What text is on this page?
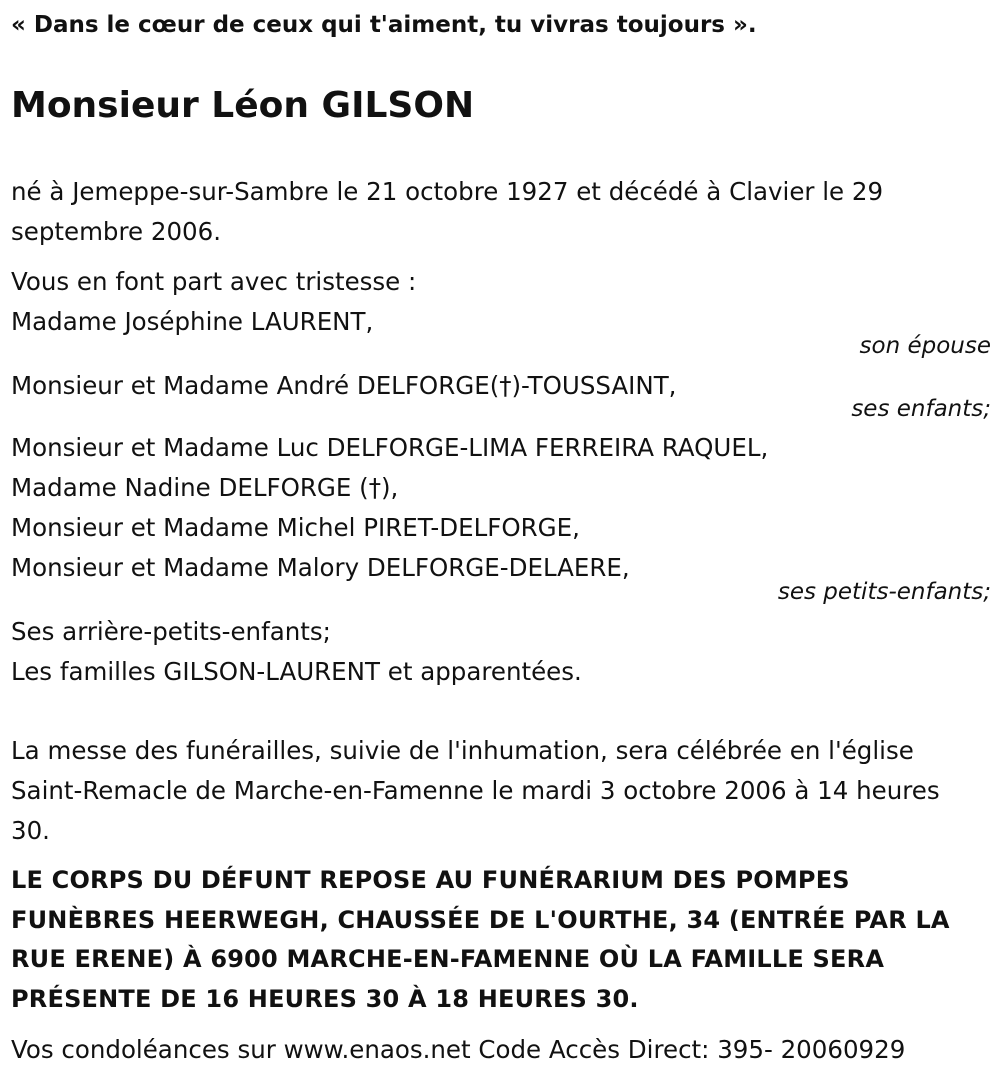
« Dans le cœur de ceux qui t'aiment, tu vivras toujours ».
Monsieur Léon GILSON
né à Jemeppe-sur-Sambre le 21 octobre 1927 et décédé à Clavier le 29 septembre 2006.
Vous en font part avec tristesse :
Madame Joséphine LAURENT,
son épouse
Monsieur et Madame André DELFORGE(†)-TOUSSAINT,
ses enfants;
Monsieur et Madame Luc DELFORGE-LIMA FERREIRA RAQUEL,
Madame Nadine DELFORGE (†),
Monsieur et Madame Michel PIRET-DELFORGE,
Monsieur et Madame Malory DELFORGE-DELAERE,
ses petits-enfants;
Ses arrière-petits-enfants;
Les familles GILSON-LAURENT et apparentées.
La messe des funérailles, suivie de l'inhumation, sera célébrée en l'église Saint-Remacle de Marche-en-Famenne le mardi 3 octobre 2006 à 14 heures 30.
LE CORPS DU DÉFUNT REPOSE AU FUNÉRARIUM DES POMPES FUNÈBRES HEERWEGH, CHAUSSÉE DE L'OURTHE, 34 (ENTRÉE PAR LA RUE ERENE) À 6900 MARCHE-EN-FAMENNE OÙ LA FAMILLE SERA PRÉSENTE DE 16 HEURES 30 À 18 HEURES 30.
Vos condoléances sur www.enaos.net Code Accès Direct: 395- 20060929
